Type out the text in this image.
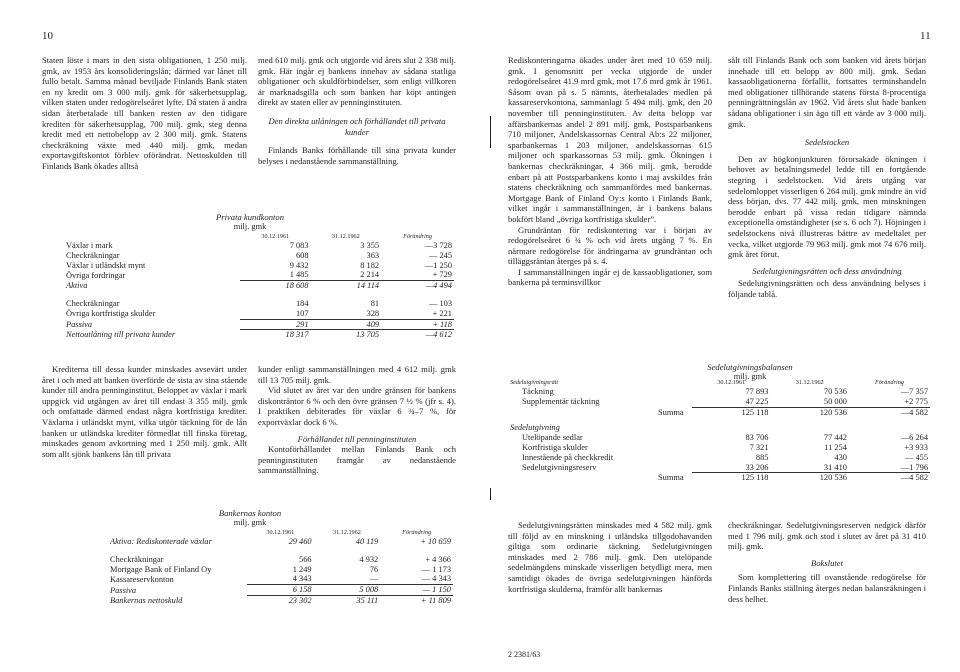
10

Staten löste i mars in den sista obligationen, 1 250 milj. gmk, av 1953 års konsolideringslån; därmed var lånet till fullo betalt. Samma månad beviljade Finlands Bank staten en ny kredit om 3 000 milj. gmk för säkerhetsupplag, vilken staten under redogörelseåret lyfte. Då staten å andra sidan återbetalade till banken resten av den tidigare krediten för säkerhetsupplag, 700 milj. gmk, steg denna kredit med ett nettobelopp av 2 300 milj. gmk. Statens checkräkning växte med 440 milj. gmk, medan exportavgiftskontot förblev oförändrat. Nettoskulden till Finlands Bank ökades alltså

med 610 milj. gmk och utgjorde vid årets slut 2 338 milj. gmk. Här ingår ej bankens innehav av sådana statliga obligationer och skuldförbindelser, som enligt villkoren är marknadsgilla och som banken har köpt antingen direkt av staten eller av penninginstituten.

Den direkta utlåningen och förhållandet till privata kunder

Finlands Banks förhållande till sina privata kunder belyses i nedanstående sammanställning.

Privata kundkonton
milj. gmk
	30.12.1961	31.12.1962	Förändring
Växlar i mark	7 083	3 355	—3 728
Checkräkningar	608	363	— 245
Växlar i utländskt mynt	9 432	8 182	—1 250
Övriga fordringar	1 485	2 214	+ 729
Aktiva	18 608	14 114	—4 494

Checkräkningar	184	81	— 103
Övriga kortfristiga skulder	107	328	+ 221
Passiva	291	409	+ 118
Nettoutlåning till privata kunder	18 317	13 705	—4 612

Krediterna till dessa kunder minskades avsevärt under året i och med att banken överförde de sista av sina stående kunder till andra penninginstitut. Beloppet av växlar i mark uppgick vid utgången av året till endast 3 355 milj. gmk och omfattade därmed endast några kortfristiga krediter. Växlarna i utländskt mynt, vilka utgör täckning för de lån banken ur utländska krediter förmedlat till finska företag, minskades genom avkortning med 1 250 milj. gmk. Allt som allt sjönk bankens lån till privata

kunder enligt sammanställningen med 4 612 milj. gmk till 13 705 milj. gmk.

Vid slutet av året var den undre gränsen för bankens diskonträntor 6 % och den övre gränsen 7 ½ % (jfr s. 4). I praktiken debiterades för växlar 6 ¾–7 %, för exportväxlar dock 6 %.

Förhållandet till penninginstituten

Kontoförhållandet mellan Finlands Bank och penninginstituten framgår av nedanstående sammanställning.

Bankernas konton
milj. gmk
	30.12.1961	31.12.1962	Förändring
Aktiva: Rediskonterade växlar	29 460	40 119	+ 10 659

Checkräkningar	566	4 932	+ 4 366
Mortgage Bank of Finland Oy	1 249	76	— 1 173
Kassareservkonton	4 343	—	— 4 343
Passiva	6 158	5 008	— 1 150
Bankernas nettoskuld	23 302	35 111	+ 11 809
11

Rediskonteringarna ökades under året med 10 659 milj. gmk. I genomsnitt per vecka utgjorde de under redogörelseåret 41.9 mrd gmk, mot 17.6 mrd gmk år 1961. Såsom ovan på s. 5 nämnts, återbetalades medlen på kassareservkontona, sammanlagt 5 494 milj. gmk, den 20 november till penninginstituten. Av detta belopp var affärsbankernas andel 2 891 milj. gmk, Postsparbankens 710 miljoner, Andelskassornas Central Ab:s 22 miljoner, sparbankernas 1 203 miljoner, andelskassornas 615 miljoner och sparkassornas 53 milj. gmk. Ökningen i bankernas checkräkningar, 4 366 milj. gmk, berodde enbart på att Postsparbankens konto i maj avskildes från statens checkräkning och sammanfördes med bankernas. Mortgage Bank of Finland Oy:s konto i Finlands Bank, vilket ingår i sammanställningen, är i bankens balans bokfört bland „övriga kortfristiga skulder”.

Grundräntan för rediskontering var i början av redogörelseåret 6 ¾ % och vid årets utgång 7 %. En närmare redogörelse för ändringarna av grundräntan och tilläggsräntan återges på s. 4.

I sammanställningen ingår ej de kassaobligationer, som bankerna på terminsvillkor

sålt till Finlands Bank och som banken vid årets början innehade till ett belopp av 800 milj. gmk. Sedan kassaobligationerna förfallit, fortsattes terminshandeln med obligationer tillhörande statens första 8-procentiga penningrättningslån av 1962. Vid årets slut hade banken sådana obligationer i sin ägo till ett värde av 3 000 milj. gmk.

Sedelstocken

Den av högkonjunkturen förorsakade ökningen i behovet av betalningsmedel ledde till en fortgående stegring i sedelstocken. Vid årets utgång var sedelomloppet visserligen 6 264 milj. gmk mindre än vid dess början, dvs. 77 442 milj. gmk, men minskningen berodde enbart på vissa redan tidigare nämnda exceptionella omständigheter (se s. 6 och 7). Höjningen i sedelstockens nivå illustreras bättre av medeltalet per vecka, vilket utgjorde 79 963 milj. gmk mot 74 676 milj. gmk året förut.

Sedelutgivningsrätten och dess användning

Sedelutgivningsrätten och dess användning belyses i följande tablå.

Sedelutgivningsbalansen
milj. gmk
Sedelutgivningsrätt	30.12.1961	31.12.1962	Förändring
Täckning	77 893	70 536	—7 357
Supplementär täckning	47 225	50 000	+2 775
Summa	125 118	120 536	—4 582

Sedelutgivning			
Utelöpande sedlar	83 706	77 442	—6 264
Kortfristiga skulder	7 321	11 254	+3 933
Innestående på checkkredit	885	430	— 455
Sedelutgivningsreserv	33 206	31 410	—1 796
Summa	125 118	120 536	—4 582

Sedelutgivningsrätten minskades med 4 582 milj. gmk till följd av en minskning i utländska tillgodohavanden giltiga som ordinarie täckning. Sedelutgivningen minskades med 2 786 milj. gmk. Den utelöpande sedelmängdens minskade visserligen betydligt mera, men samtidigt ökades de övriga sedelutgivningen hänförda kortfristiga skulderna, framför allt bankernas

checkräkningar. Sedelutgivningsreserven nedgick därför med 1 796 milj. gmk och stod i slutet av året på 31 410 milj. gmk.

Bokslutet

Som komplettering till ovanstående redogörelse för Finlands Banks ställning återges nedan balansräkningen i dess helhet.

2 2381/63
